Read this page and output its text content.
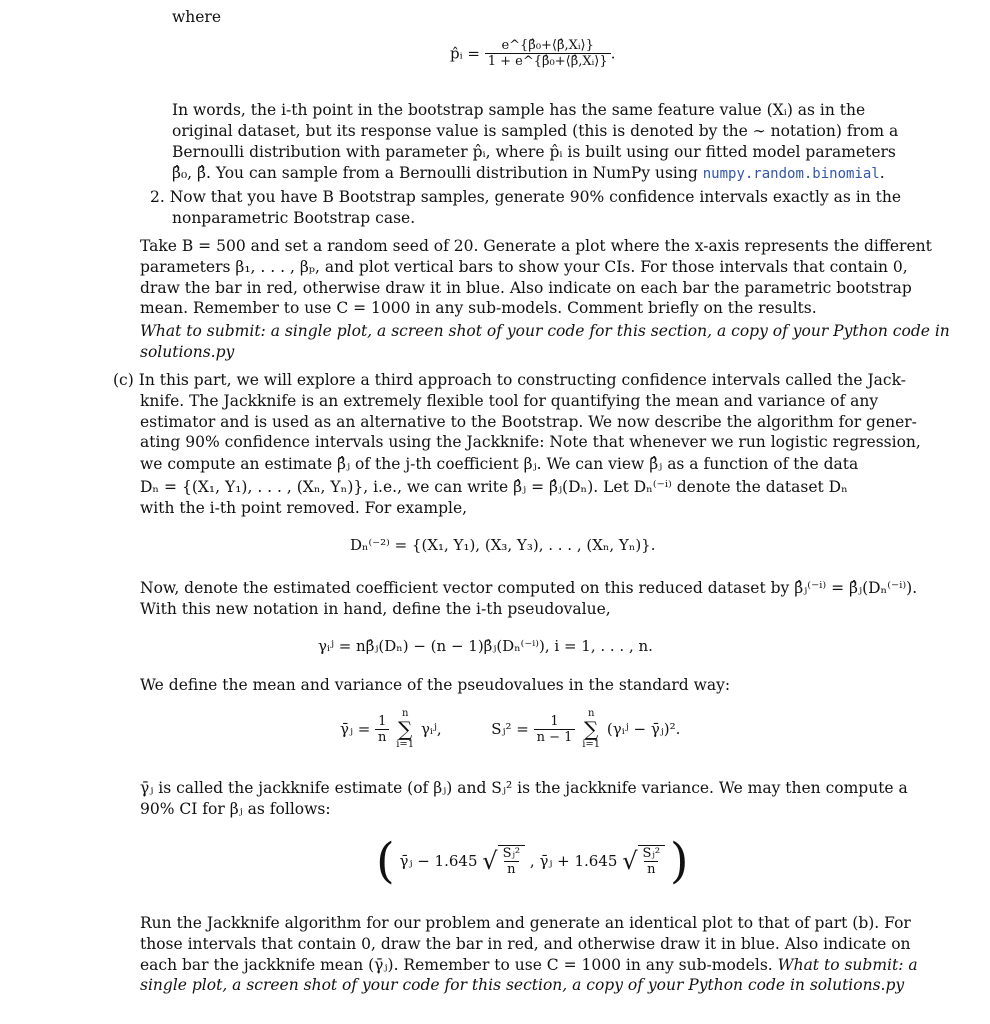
where
p̂ᵢ = $\frac{\text{e\textasciicircum{}\{β̂₀+⟨β̂,Xᵢ⟩\}}}{\text{1 + e\textasciicircum{}\{β̂₀+⟨β̂,Xᵢ⟩\}}}$ .
In words, the i-th point in the bootstrap sample has the same feature value (Xᵢ) as in the
original dataset, but its response value is sampled (this is denoted by the ∼ notation) from a
Bernoulli distribution with parameter p̂ᵢ, where p̂ᵢ is built using our fitted model parameters
β̂₀, β̂. You can sample from a Bernoulli distribution in NumPy using numpy.random.binomial.
2. Now that you have B Bootstrap samples, generate 90% confidence intervals exactly as in the
nonparametric Bootstrap case.
Take B = 500 and set a random seed of 20. Generate a plot where the x-axis represents the different
parameters β₁, . . . , βₚ, and plot vertical bars to show your CIs. For those intervals that contain 0,
draw the bar in red, otherwise draw it in blue. Also indicate on each bar the parametric bootstrap
mean. Remember to use C = 1000 in any sub-models. Comment briefly on the results.
What to submit: a single plot, a screen shot of your code for this section, a copy of your Python code in
solutions.py
(c) In this part, we will explore a third approach to constructing confidence intervals called the Jack-
knife. The Jackknife is an extremely flexible tool for quantifying the mean and variance of any
estimator and is used as an alternative to the Bootstrap. We now describe the algorithm for gener-
ating 90% confidence intervals using the Jackknife: Note that whenever we run logistic regression,
we compute an estimate β̂ⱼ of the j-th coefficient βⱼ. We can view β̂ⱼ as a function of the data
Dₙ = {(X₁, Y₁), . . . , (Xₙ, Yₙ)}, i.e., we can write β̂ⱼ = β̂ⱼ(Dₙ). Let Dₙ⁽⁻ⁱ⁾ denote the dataset Dₙ
with the i-th point removed. For example,
Dₙ⁽⁻²⁾ = {(X₁, Y₁), (X₃, Y₃), . . . , (Xₙ, Yₙ)}.
Now, denote the estimated coefficient vector computed on this reduced dataset by β̂ⱼ⁽⁻ⁱ⁾ = β̂ⱼ(Dₙ⁽⁻ⁱ⁾).
With this new notation in hand, define the i-th pseudovalue,
γᵢʲ = nβ̂ⱼ(Dₙ) − (n − 1)β̂ⱼ(Dₙ⁽⁻ⁱ⁾), i = 1, . . . , n.
We define the mean and variance of the pseudovalues in the standard way:
γ̄ⱼ = $\frac{1}{n}$
n
∑
i=1
γᵢʲ,	Sⱼ² = $\frac{1}{n - 1}$
n
∑
i=1
(γᵢʲ − γ̄ⱼ)².
γ̄ⱼ is called the jackknife estimate (of βⱼ) and Sⱼ² is the jackknife variance. We may then compute a
90% CI for βⱼ as follows:
( γ̄ⱼ − 1.645 √ $\frac{\text{Sⱼ²}}{n}$ , γ̄ⱼ + 1.645 √ $\frac{\text{Sⱼ²}}{n}$ )
Run the Jackknife algorithm for our problem and generate an identical plot to that of part (b). For
those intervals that contain 0, draw the bar in red, and otherwise draw it in blue. Also indicate on
each bar the jackknife mean (γ̄ⱼ). Remember to use C = 1000 in any sub-models. What to submit: a
single plot, a screen shot of your code for this section, a copy of your Python code in solutions.py
